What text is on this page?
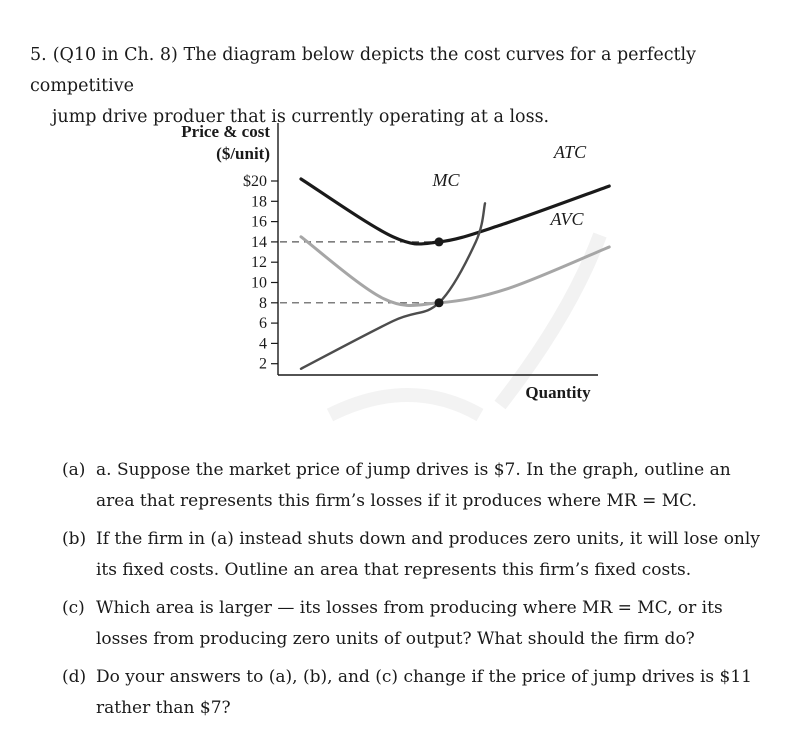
5. (Q10 in Ch. 8) The diagram below depicts the cost curves for a perfectly competitive
jump drive produer that is currently operating at a loss.
Price & cost
($/unit)
Quantity
$20
18
16
14
12
10
8
6
4
2
ATC
AVC
MC
(a) a. Suppose the market price of jump drives is $7. In the graph, outline an area that represents this firm’s losses if it produces where MR = MC.
(b) If the firm in (a) instead shuts down and produces zero units, it will lose only its fixed costs. Outline an area that represents this firm’s fixed costs.
(c) Which area is larger — its losses from producing where MR = MC, or its losses from producing zero units of output? What should the firm do?
(d) Do your answers to (a), (b), and (c) change if the price of jump drives is $11 rather than $7?
